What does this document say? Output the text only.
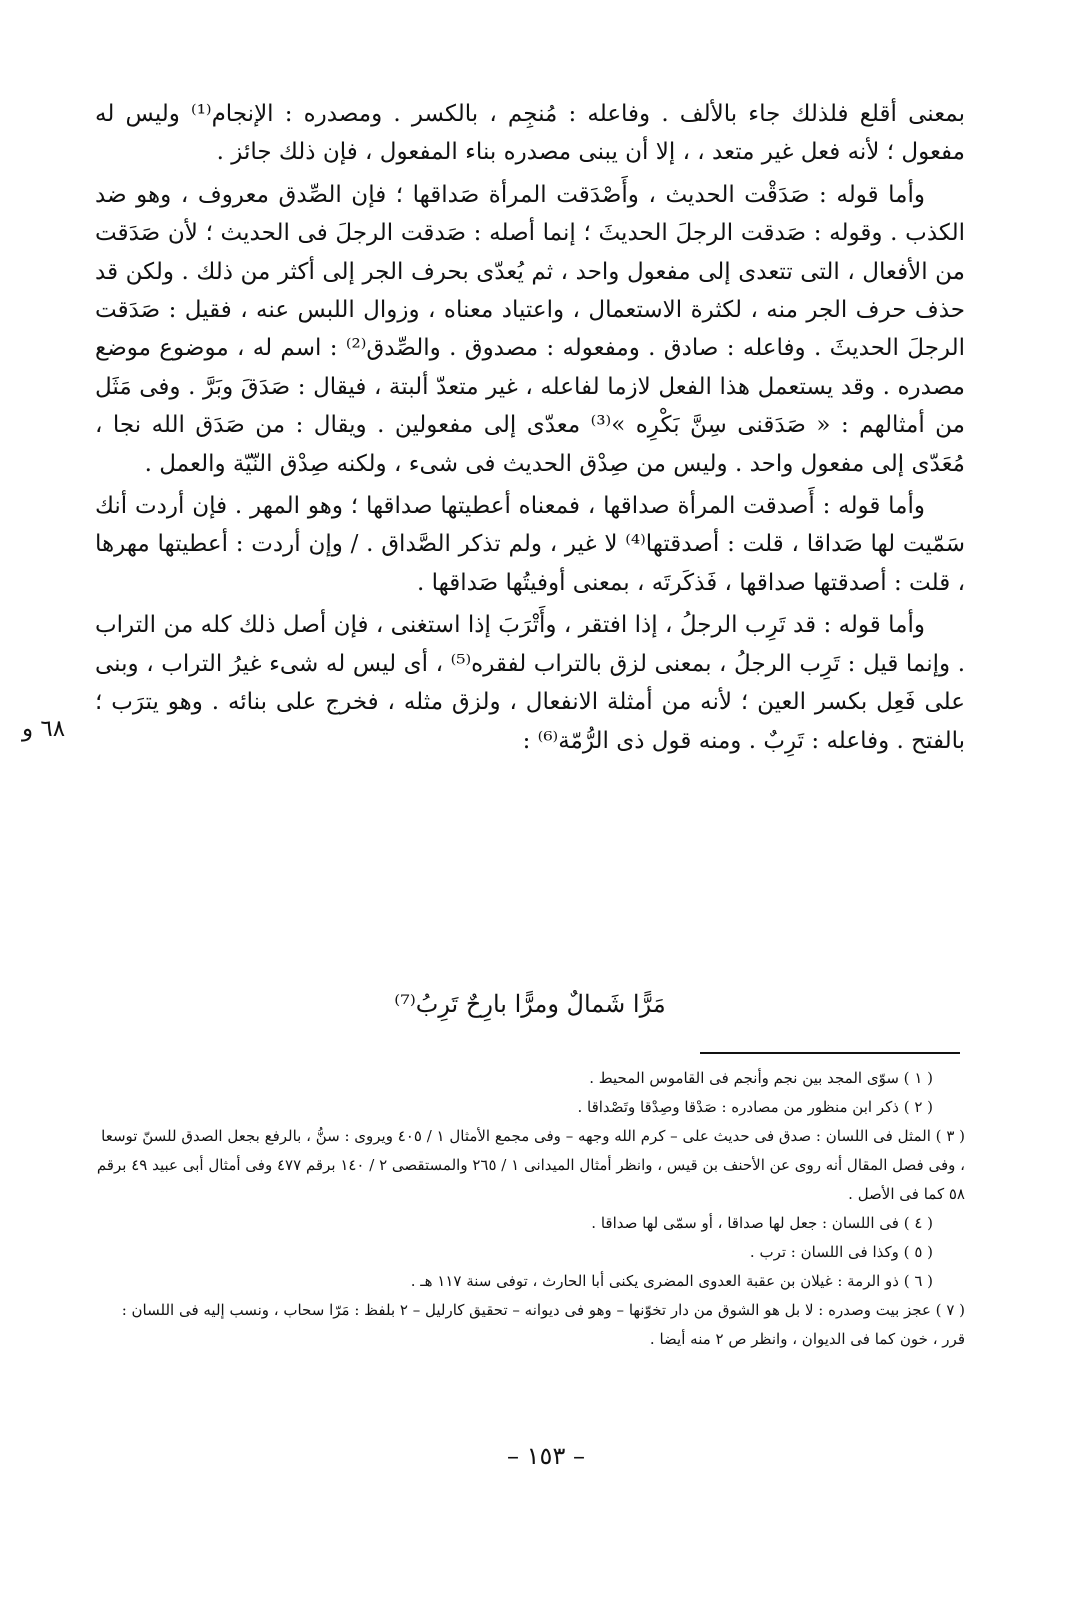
بمعنى أقلع فلذلك جاء بالألف . وفاعله : مُنجِم ، بالكسر . ومصدره : الإنجام⁽¹⁾ وليس له مفعول ؛ لأنه فعل غير متعد ، ، إلا أن يبنى مصدره بناء المفعول ، فإن ذلك جائز .

وأما قوله : صَدَقْت الحديث ، وأَصْدَقت المرأة صَداقها ؛ فإن الصِّدق معروف ، وهو ضد الكذب . وقوله : صَدقت الرجلَ الحديثَ ؛ إنما أصله : صَدقت الرجلَ فى الحديث ؛ لأن صَدَقت من الأفعال ، التى تتعدى إلى مفعول واحد ، ثم يُعدّى بحرف الجر إلى أكثر من ذلك . ولكن قد حذف حرف الجر منه ، لكثرة الاستعمال ، واعتياد معناه ، وزوال اللبس عنه ، فقيل : صَدَقت الرجلَ الحديثَ . وفاعله : صادق . ومفعوله : مصدوق . والصِّدق⁽²⁾ : اسم له ، موضوع موضع مصدره . وقد يستعمل هذا الفعل لازما لفاعله ، غير متعدّ ألبتة ، فيقال : صَدَقَ وبَرَّ . وفى مَثَل من أمثالهم : « صَدَقنى سِنَّ بَكْرِه »⁽³⁾ معدّى إلى مفعولين . ويقال : من صَدَق الله نجا ، مُعَدّى إلى مفعول واحد . وليس من صِدْق الحديث فى شىء ، ولكنه صِدْق النّيّة والعمل .

وأما قوله : أَصدقت المرأة صداقها ، فمعناه أعطيتها صداقها ؛ وهو المهر . فإن أردت أنك سَمّيت لها صَداقا ، قلت : أصدقتها⁽⁴⁾ لا غير ، ولم تذكر الصَّداق . / وإن أردت : أعطيتها مهرها ، قلت : أصدقتها صداقها ، فَذكَرتَه ، بمعنى أوفيتُها صَداقها .

وأما قوله : قد تَرِب الرجلُ ، إذا افتقر ، وأَتْرَبَ إذا استغنى ، فإن أصل ذلك كله من التراب . وإنما قيل : تَرِب الرجلُ ، بمعنى لزق بالتراب لفقره⁽⁵⁾ ، أى ليس له شىء غيرُ التراب ، وبنى على فَعِل بكسر العين ؛ لأنه من أمثلة الانفعال ، ولزق مثله ، فخرج على بنائه . وهو يترَب ؛ بالفتح . وفاعله : تَرِبٌ . ومنه قول ذى الرُّمّة⁽⁶⁾ :

مَرًّا شَمالٌ ومرًّا بارِحٌ تَرِبُ⁽⁷⁾
٦٨ و

( ١ ) سوّى المجد بين نجم وأنجم فى القاموس المحيط .

( ٢ ) ذكر ابن منظور من مصادره : صَدْقا وصِدْقا وتَصْداقا .

( ٣ ) المثل فى اللسان : صدق فى حديث على – كرم الله وجهه – وفى مجمع الأمثال ١ / ٤٠٥ ويروى : سنُّ ، بالرفع بجعل الصدق للسنّ توسعا ، وفى فصل المقال أنه روى عن الأحنف بن قيس ، وانظر أمثال الميدانى ١ / ٢٦٥ والمستقصى ٢ / ١٤٠ برقم ٤٧٧ وفى أمثال أبى عبيد ٤٩ برقم ٥٨ كما فى الأصل .

( ٤ ) فى اللسان : جعل لها صداقا ، أو سمّى لها صداقا .

( ٥ ) وكذا فى اللسان : ترب .

( ٦ ) ذو الرمة : غيلان بن عقبة العدوى المضرى يكنى أبا الحارث ، توفى سنة ١١٧ هـ .

( ٧ ) عجز بيت وصدره : لا بل هو الشوق من دار تخوّنها – وهو فى ديوانه – تحقيق كارليل – ٢ بلفظ : مَرّا سحاب ، ونسب إليه فى اللسان : قرر ، خون كما فى الديوان ، وانظر ص ٢ منه أيضا .

– ١٥٣ –
